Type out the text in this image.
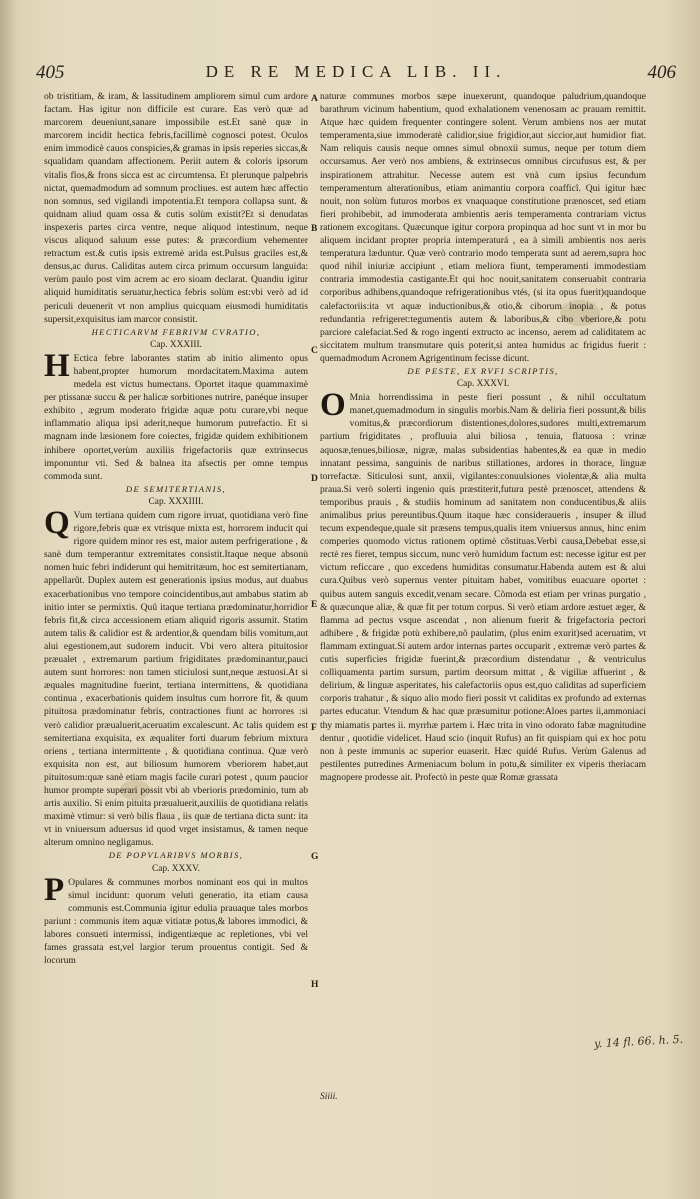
405	DE RE MEDICA LIB. II.	406

ob tristitiam, & iram, & lassitudinem ampliorem simul cum ardore factam. Has igitur non difficile est curare. Eas verò quæ ad marcorem deueniunt,sanare impossibile est.Et sanè quæ in marcorem incidit hectica febris,facillimè cognosci potest. Oculos enim immodicè cauos conspicies,& gramas in ipsis reperies siccas,& squalidam quandam affectionem. Periit autem & coloris ipsorum vitalis flos,& frons sicca est ac circumtensa. Et plerunque palpebris nictat, quemadmodum ad somnum procliues. est autem hæc affectio non somnus, sed vigilandi impotentia.Et tempora collapsa sunt. & quidnam aliud quam ossa & cutis solùm existit?Et si denudatas inspexeris partes circa ventre, neque aliquod intestinum, neque viscus aliquod saluum esse putes: & præcordium vehementer retractum est.& cutis ipsis extremè arida est.Pulsus graciles est,& densus,ac durus. Caliditas autem circa primum occursum languida: verùm paulo post vim acrem ac ero sioam declarat. Quandiu igitur aliquid humiditatis seruatur,hectica febris solùm est:vbi verò ad id periculi deuenerit vt non amplius quicquam eiusmodi humiditatis supersit,exquisitus iam marcor consistit.

HECTICARVM FEBRIVM CVRATIO,

Cap. XXXIII.

H Ectica febre laborantes statim ab initio alimento opus habent,propter humorum mordacitatem.Maxima autem medela est victus humectans. Oportet itaque quammaximè per ptissanæ succu & per halicæ sorbitiones nutrire, panéque insuper exhibito , ægrum moderato frigidæ aquæ potu curare,vbi neque inflammatio aliqua ipsi aderit,neque humorum putrefactio. Et si magnam inde læsionem fore coiectes, frigidæ quidem exhibitionem inhibere oportet,verùm auxiliis frigefactoriis quæ extrinsecus imponuntur vti. Sed & balnea ita afsectis per omne tempus commoda sunt.

DE SEMITERTIANIS,

Cap. XXXIIII.

Q Vum tertiana quidem cum rigore irruat, quotidiana verò fine rigore,febris quæ ex vtrisque mixta est, horrorem inducit qui rigore quidem minor res est, maior autem perfrigeratione , & sanè dum temperantur extremitates consistit.Itaque neque absonù nomen huic febri indiderunt qui hemitritæum, hoc est semitertianam, appellarût. Duplex autem est generationis ipsius modus, aut duabus exacerbationibus vno tempore coincidentibus,aut ambabus statim ab initio inter se permixtis. Quû itaque tertiana prædominatur,horridior febris fit,& circa accessionem etiam aliquid rigoris assumit. Statim autem talis & calidior est & ardentior,& quendam bilis vomitum,aut alui egestionem,aut sudorem inducit. Vbi vero altera pituitosior præualet , extremarum partium frigiditates prædominantur,pauci autem sunt horrores: non tamen sticiulosi sunt,neque æstuosi.At si æquales magnitudine fuerint, tertiana intermittens, & quotidiana continua , exacerbationis quidem insultus cum horrore fit, & quum pituitosa prædominatur febris, contractiones fiunt ac horrores :si verò calidior præualuerit,aceruatim excalescunt. Ac talis quidem est semitertiana exquisita, ex æqualiter forti duarum febrium mixtura oriens , tertiana intermittente , & quotidiana continua. Quæ verò exquisita non est, aut biliosum humorem vberiorem habet,aut pituitosum:quæ sanè etiam magis facile curari potest , quum paucior humor prompte superari possit vbi ab vberioris prædominio, tum ab artis auxilio. Si enim pituita præualuerit,auxiliis de quotidiana relatis maximè vtimur: si verò bilis flaua , iis quæ de tertiana dicta sunt: ita vt in vniuersum aduersus id quod vrget insistamus, & tamen neque alterum omnino negligamus.

DE POPVLARIBVS MORBIS,

Cap. XXXV.

P Opulares & communes morbos nominant eos qui in multos simul incidunt: quorum veluti generatio, ita etiam causa communis est.Communia igitur edulia prauaque tales morbos pariunt : communis item aquæ vitiatæ potus,& labores immodici, & labores consueti intermissi, indigentiæque ac repletiones, vbi vel fames grassata est,vel largior terum prouentus contigit. Sed & locorum

naturæ communes morbos sæpe inuexerunt, quandoque paludrium,quandoque barathrum vicinum habentium, quod exhalationem venenosam ac prauam remittit. Atque hæc quidem frequenter contingere solent. Verum ambiens nos aer mutat temperamenta,siue immoderatè calidior,siue frigidior,aut siccior,aut humidior fiat. Nam reliquis causis neque omnes simul obnoxii sumus, neque per totum diem occursamus. Aer verò nos ambiens, & extrinsecus omnibus circufusus est, & per inspirationem attrahitur. Necesse autem est vnà cum ipsius fecundum temperamentum alterationibus, etiam animantiu corpora coafficî. Qui igitur hæc nouit, non solùm futuros morbos ex vnaquaque constitutione prænoscet, sed etiam fieri prohibebit, ad immoderata ambientis aeris temperamenta contrariam victus rationem excogitans. Quæcunque igitur corpora propinqua ad hoc sunt vt in mor bu aliquem incidant propter propria intemperaturá , ea à similì ambientis nos aeris temperatura læduntur. Quæ verò contrario modo temperata sunt ad aerem,supra hoc quod nihil iniuriæ accipiunt , etiam meliora fiunt, temperamenti immodestiam contraria immodestia castigante.Et qui hoc nouit,sanitatem conseruabit contraria corporibus adhibens,quandoque refrigerationibus vtés, (si ita opus fuerit)quandoque calefactoriis:ita vt aquæ inductionibus,& otio,& ciborum inopia , & potus redundantia refrigeret:tegumentis autem & laboribus,& cibo vberiore,& potu parciore calefaciat.Sed & rogo ingenti extructo ac incenso, aerem ad caliditatem ac siccitatem multum transmutare quis poterit,si antea humidus ac frigidus fuerit : quemadmodum Acronem Agrigentinum fecisse dicunt.

DE PESTE, EX RVFI SCRIPTIS,

Cap. XXXVI.

O Mnia horrendissima in peste fieri possunt , & nihil occultatum manet,quemadmodum in singulis morbis.Nam & deliria fieri possunt,& bilis vomitus,& præcordiorum distentiones,dolores,sudores multi,extremarum partium frigiditates , profluuia alui biliosa , tenuia, flatuosa : vrinæ aquosæ,tenues,biliosæ, nigræ, malas subsidentias habentes,& ea quæ in medio innatant pessima, sanguinis de naribus stillationes, ardores in thorace, linguæ torrefactæ. Siticulosi sunt, anxii, vigilantes:conuulsiones violentæ,& alia multa praua.Si verò solerti ingenio quis præstiterit,futura pestè prænoscet, attendens & temporibus prauis , & studiis hominum ad sanitatem non conducentibus,& aliis animalibus prius pereuntibus.Quum itaque hæc consideraueris , insuper & illud tecum expendeque,quale sit præsens tempus,qualis item vniuersus annus, hinc enim comperies quomodo victus rationem optimè cõstituas.Verbi causa,Debebat esse,si rectè res fieret, tempus siccum, nunc verò humidum factum est: necesse igitur est per victum reficcare , quo excedens humiditas consumatur.Habenda autem est & alui cura.Quibus verò supernus venter pituitam habet, vomitibus euacuare oportet : quibus autem sanguis excedit,venam secare. Cõmoda est etiam per vrinas purgatio , & quæcunque aliæ, & quæ fit per totum corpus. Si verò etiam ardore æstuet æger, & flamma ad pectus vsque ascendat , non alienum fuerit & frigefactoria pectori adhibere , & frigidæ potù exhibere,nõ paulatim, (plus enim exurit)sed aceruatim, vt flammam extinguat.Si autem ardor internas partes occuparit , extremæ verò partes & cutis superficies frigidæ fuerint,& præcordium distendatur , & ventriculus colliquamenta partim sursum, partim deorsum mittat , & vigiliæ affuerint , & delirium, & linguæ asperitates, his calefactoriis opus est,quo caliditas ad superficiem corporis trahatur , & siquo alio modo fieri possit vt caliditas ex profundo ad externas partes educatur. Vtendum & hac quæ præsumitur potione:Aloes partes ii,ammoniaci thy miamatis partes ii. myrrhæ partem i. Hæc trita in vino odorato fabæ magnitudine dentur , quotidie videlicet. Haud scio (inquit Rufus) an fit quispiam qui ex hoc potu non à peste immunis ac superior euaserit. Hæc quidé Rufus. Verùm Galenus ad pestilentes putredines Armeniacum bolum in potu,& similiter ex viperis theriacam magnopere prodesse ait. Profectò in peste quæ Romæ grassata

A
B
C
D
E
F
G
H
y. 14 fl. 66. h. 5.
Siiii.
